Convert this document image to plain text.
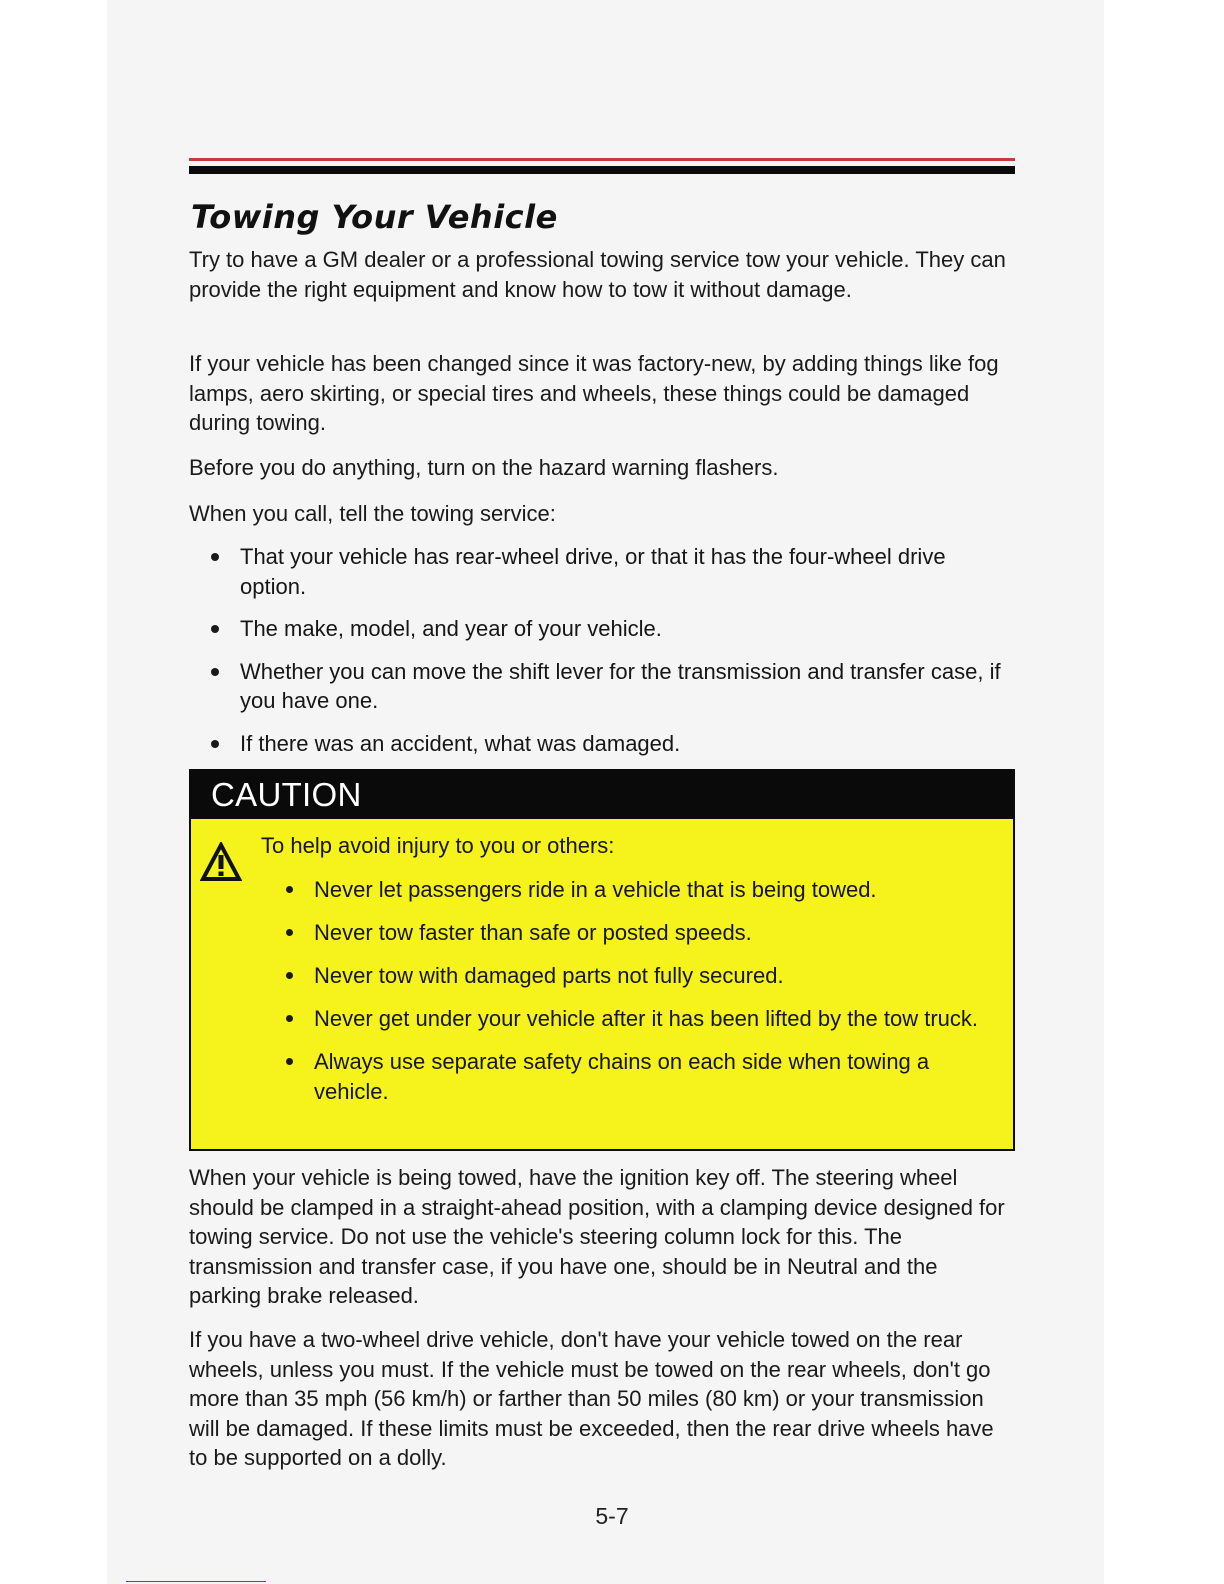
Towing Your Vehicle

Try to have a GM dealer or a professional towing service tow your vehicle. They can provide the right equipment and know how to tow it without damage.

If your vehicle has been changed since it was factory-new, by adding things like fog lamps, aero skirting, or special tires and wheels, these things could be damaged during towing.

Before you do anything, turn on the hazard warning flashers.

When you call, tell the towing service:

That your vehicle has rear-wheel drive, or that it has the four-wheel drive option.
The make, model, and year of your vehicle.
Whether you can move the shift lever for the transmission and transfer case, if you have one.
If there was an accident, what was damaged.
CAUTION

To help avoid injury to you or others:

Never let passengers ride in a vehicle that is being towed.
Never tow faster than safe or posted speeds.
Never tow with damaged parts not fully secured.
Never get under your vehicle after it has been lifted by the tow truck.
Always use separate safety chains on each side when towing a vehicle.

When your vehicle is being towed, have the ignition key off. The steering wheel should be clamped in a straight-ahead position, with a clamping device designed for towing service. Do not use the vehicle's steering column lock for this. The transmission and transfer case, if you have one, should be in Neutral and the parking brake released.

If you have a two-wheel drive vehicle, don't have your vehicle towed on the rear wheels, unless you must. If the vehicle must be towed on the rear wheels, don't go more than 35 mph (56 km/h) or farther than 50 miles (80 km) or your transmission will be damaged. If these limits must be exceeded, then the rear drive wheels have to be supported on a dolly.

5-7
